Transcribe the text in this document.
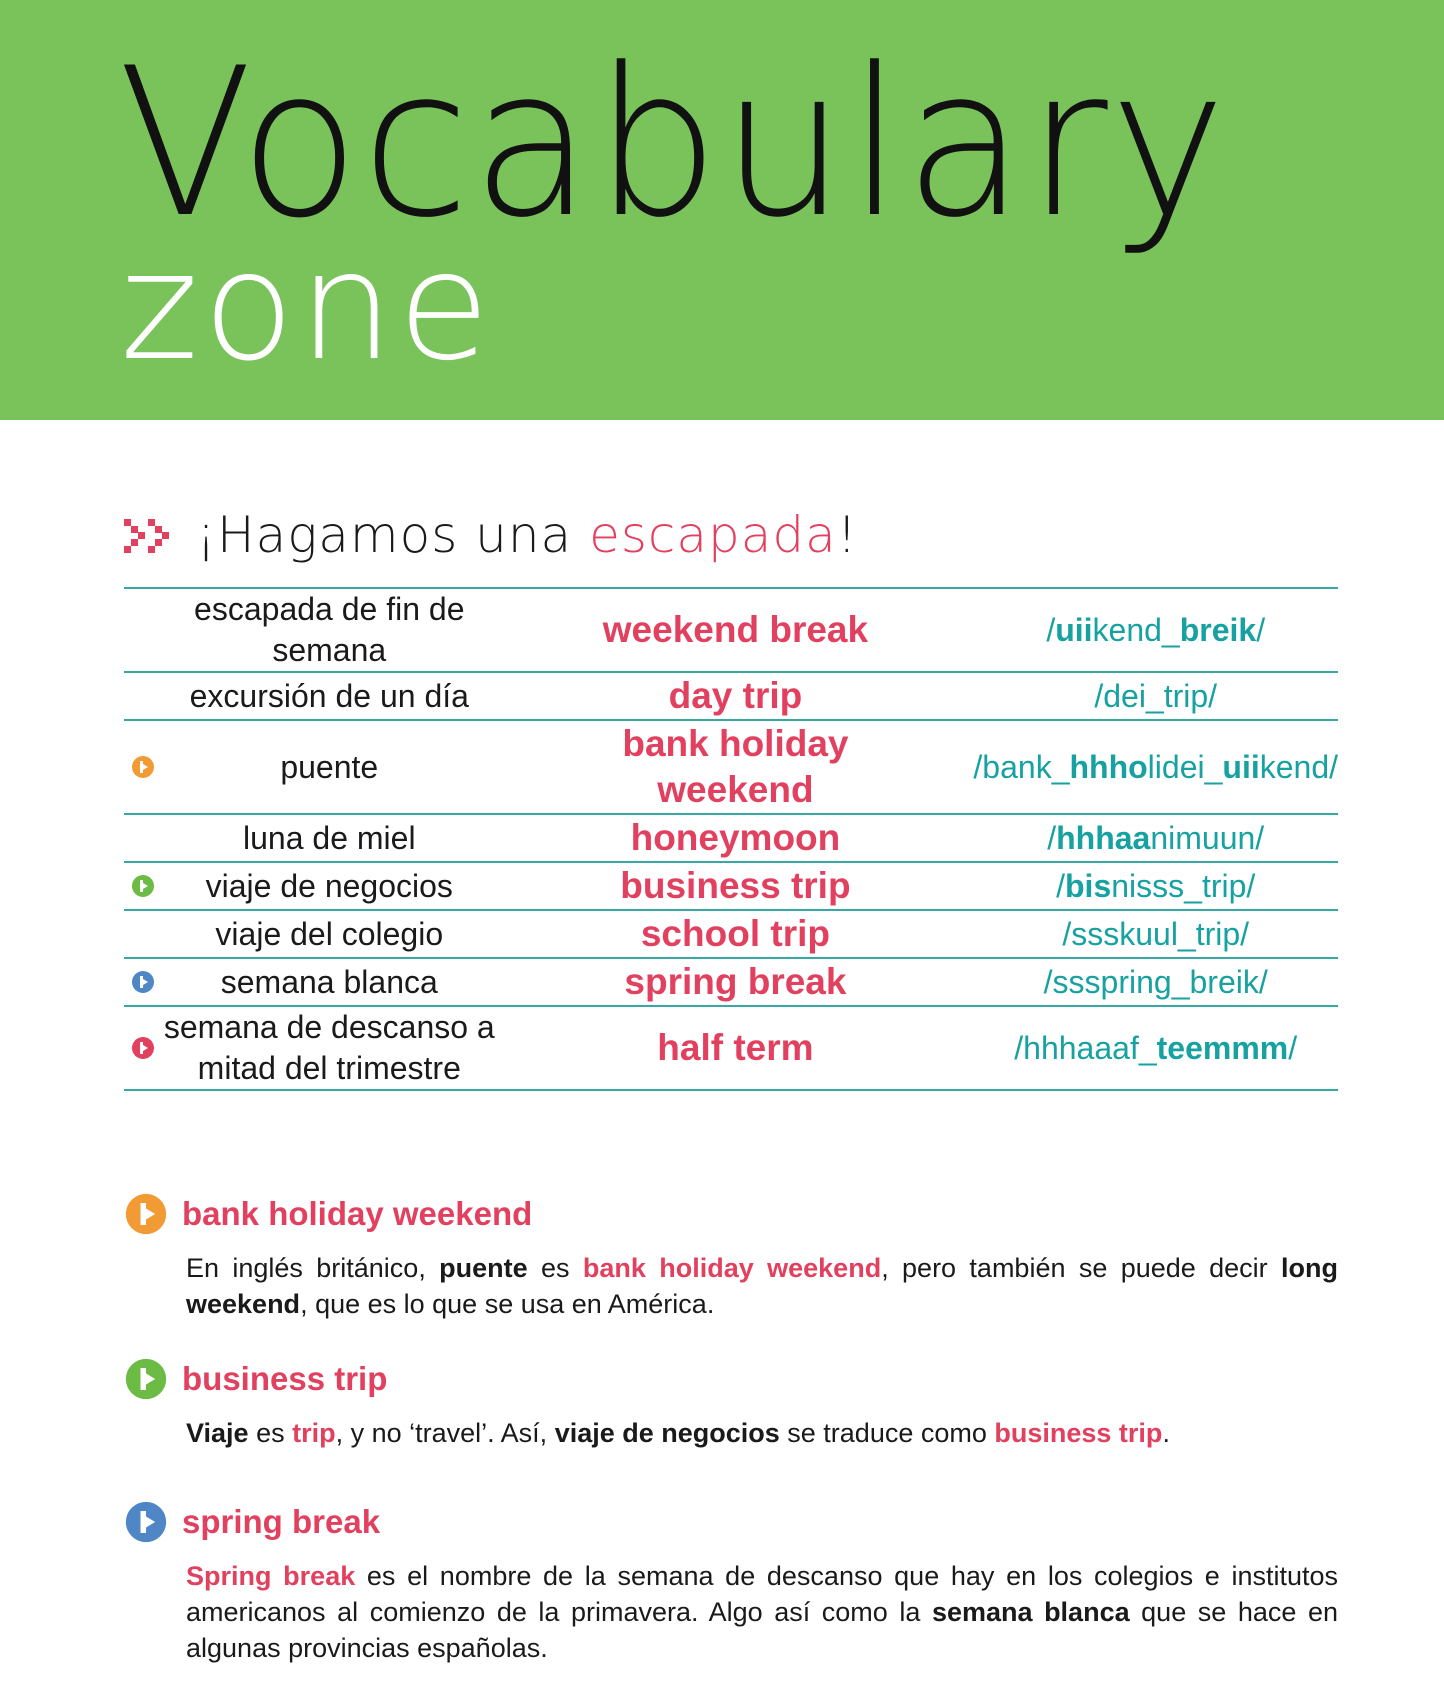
Vocabulary
zone
¡Hagamos una escapada!
	escapada de fin de semana	weekend break	/uiikend_breik/
	excursión de un día	day trip	/dei_trip/
	puente	bank holiday weekend	/bank_hhholidei_uiikend/
	luna de miel	honeymoon	/hhhaanimuun/
	viaje de negocios	business trip	/bisnisss_trip/
	viaje del colegio	school trip	/ssskuul_trip/
	semana blanca	spring break	/ssspring_breik/
	semana de descanso a mitad del trimestre	half term	/hhhaaaf_teemmm/
bank holiday weekend
En inglés británico, puente es bank holiday weekend, pero también se puede decir long weekend, que es lo que se usa en América.
business trip
Viaje es trip, y no ‘travel’. Así, viaje de negocios se traduce como business trip.
spring break
Spring break es el nombre de la semana de descanso que hay en los colegios e institutos americanos al comienzo de la primavera. Algo así como la semana blanca que se hace en algunas provincias españolas.
